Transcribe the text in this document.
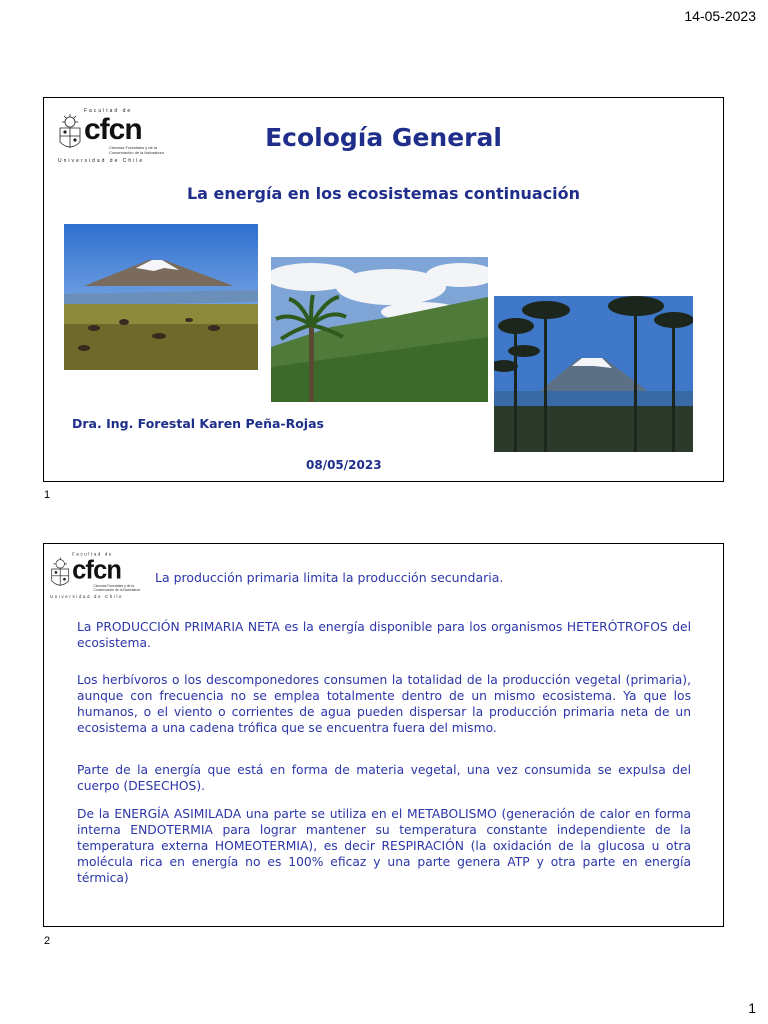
14-05-2023
Facultad de
cfcn
Ciencias Forestales y de la Conservación de la Naturaleza
Universidad de Chile
Ecología General
La energía en los ecosistemas continuación
Dra. Ing. Forestal Karen Peña-Rojas
08/05/2023
1
Facultad de
cfcn
Ciencias Forestales y de la Conservación de la Naturaleza
Universidad de Chile
La producción primaria limita la producción secundaria.
La PRODUCCIÓN PRIMARIA NETA es la energía disponible para los organismos HETERÓTROFOS del ecosistema.
Los herbívoros o los descomponedores consumen la totalidad de la producción vegetal (primaria), aunque con frecuencia no se emplea totalmente dentro de un mismo ecosistema. Ya que los humanos, o el viento o corrientes de agua pueden dispersar la producción primaria neta de un ecosistema a una cadena trófica que se encuentra fuera del mismo.
Parte de la energía que está en forma de materia vegetal, una vez consumida se expulsa del cuerpo (DESECHOS).
De la ENERGÍA ASIMILADA una parte se utiliza en el METABOLISMO (generación de calor en forma interna ENDOTERMIA para lograr mantener su temperatura constante independiente de la temperatura externa HOMEOTERMIA), es decir RESPIRACIÓN (la oxidación de la glucosa u otra molécula rica en energía no es 100% eficaz y una parte genera ATP y otra parte en energía térmica)
2
1
